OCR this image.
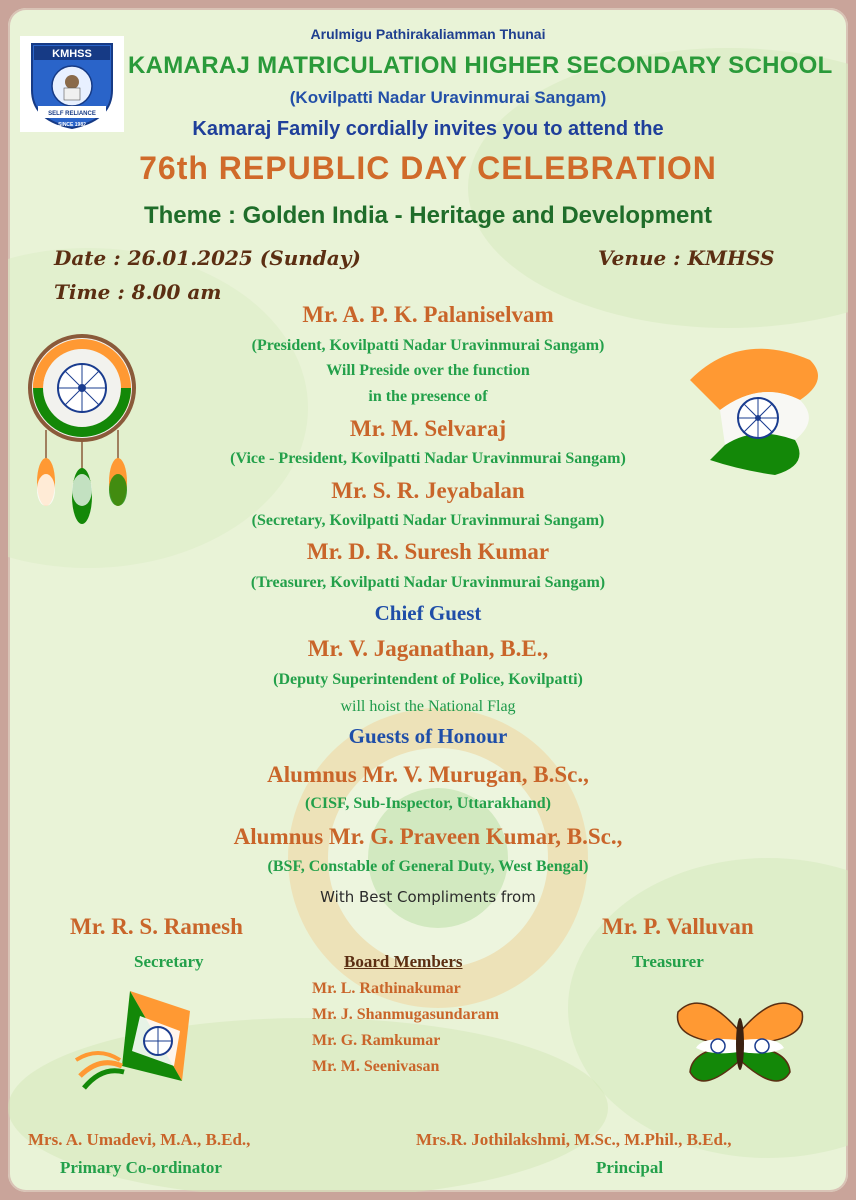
KMHSS
SELF RELIANCE
SINCE 1982
Arulmigu Pathirakaliamman Thunai
KAMARAJ MATRICULATION HIGHER SECONDARY SCHOOL
(Kovilpatti Nadar Uravinmurai Sangam)
Kamaraj Family cordially invites you to attend the
76th REPUBLIC DAY CELEBRATION
Theme : Golden India - Heritage and Development
Date : 26.01.2025 (Sunday)	Venue : KMHSS
Time : 8.00 am
Mr. A. P. K. Palaniselvam
(President, Kovilpatti Nadar Uravinmurai Sangam)
Will Preside over the function
in the presence of
Mr. M. Selvaraj
(Vice - President, Kovilpatti Nadar Uravinmurai Sangam)
Mr. S. R. Jeyabalan
(Secretary, Kovilpatti Nadar Uravinmurai Sangam)
Mr. D. R. Suresh Kumar
(Treasurer, Kovilpatti Nadar Uravinmurai Sangam)
Chief Guest
Mr. V. Jaganathan, B.E.,
(Deputy Superintendent of Police, Kovilpatti)
will hoist the National Flag
Guests of Honour
Alumnus Mr. V. Murugan, B.Sc.,
(CISF, Sub-Inspector, Uttarakhand)
Alumnus Mr. G. Praveen Kumar, B.Sc.,
(BSF, Constable of General Duty, West Bengal)
With Best Compliments from
Mr. R. S. Ramesh
Secretary
Mr. P. Valluvan
Treasurer
Board Members
Mr. L. Rathinakumar
Mr. J. Shanmugasundaram
Mr. G. Ramkumar
Mr. M. Seenivasan
Mrs. A. Umadevi, M.A., B.Ed.,
Primary Co-ordinator
Mrs.R. Jothilakshmi, M.Sc., M.Phil., B.Ed.,
Principal
